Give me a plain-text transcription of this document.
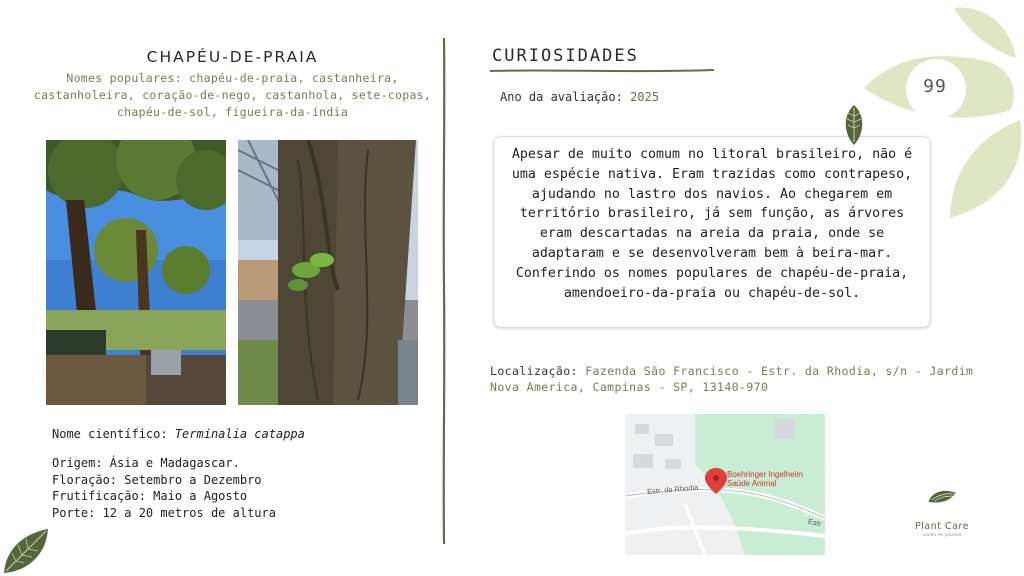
99
CHAPÉU-DE-PRAIA
Nomes populares: chapéu-de-praia, castanheira, castanholeira, coração-de-nego, castanhola, sete-copas, chapéu-de-sol, figueira-da-índia
Nome científico: Terminalia catappa
Origem: Ásia e Madagascar.
Floração: Setembro a Dezembro
Frutificação: Maio a Agosto
Porte: 12 a 20 metros de altura
CURIOSIDADES
Ano da avaliação: 2025
Apesar de muito comum no litoral brasileiro, não é uma espécie nativa. Eram trazidas como contrapeso, ajudando no lastro dos navios. Ao chegarem em território brasileiro, já sem função, as árvores eram descartadas na areia da praia, onde se adaptaram e se desenvolveram bem à beira-mar. Conferindo os nomes populares de chapéu-de-praia, amendoeiro-da-praia ou chapéu-de-sol.
Localização: Fazenda São Francisco - Estr. da Rhodia, s/n - Jardim Nova America, Campinas - SP, 13140-970
Boehringer Ingelheim
Saúde Animal
Estr. da Rhodia
Estr	Plant Care
saúde de plantas
